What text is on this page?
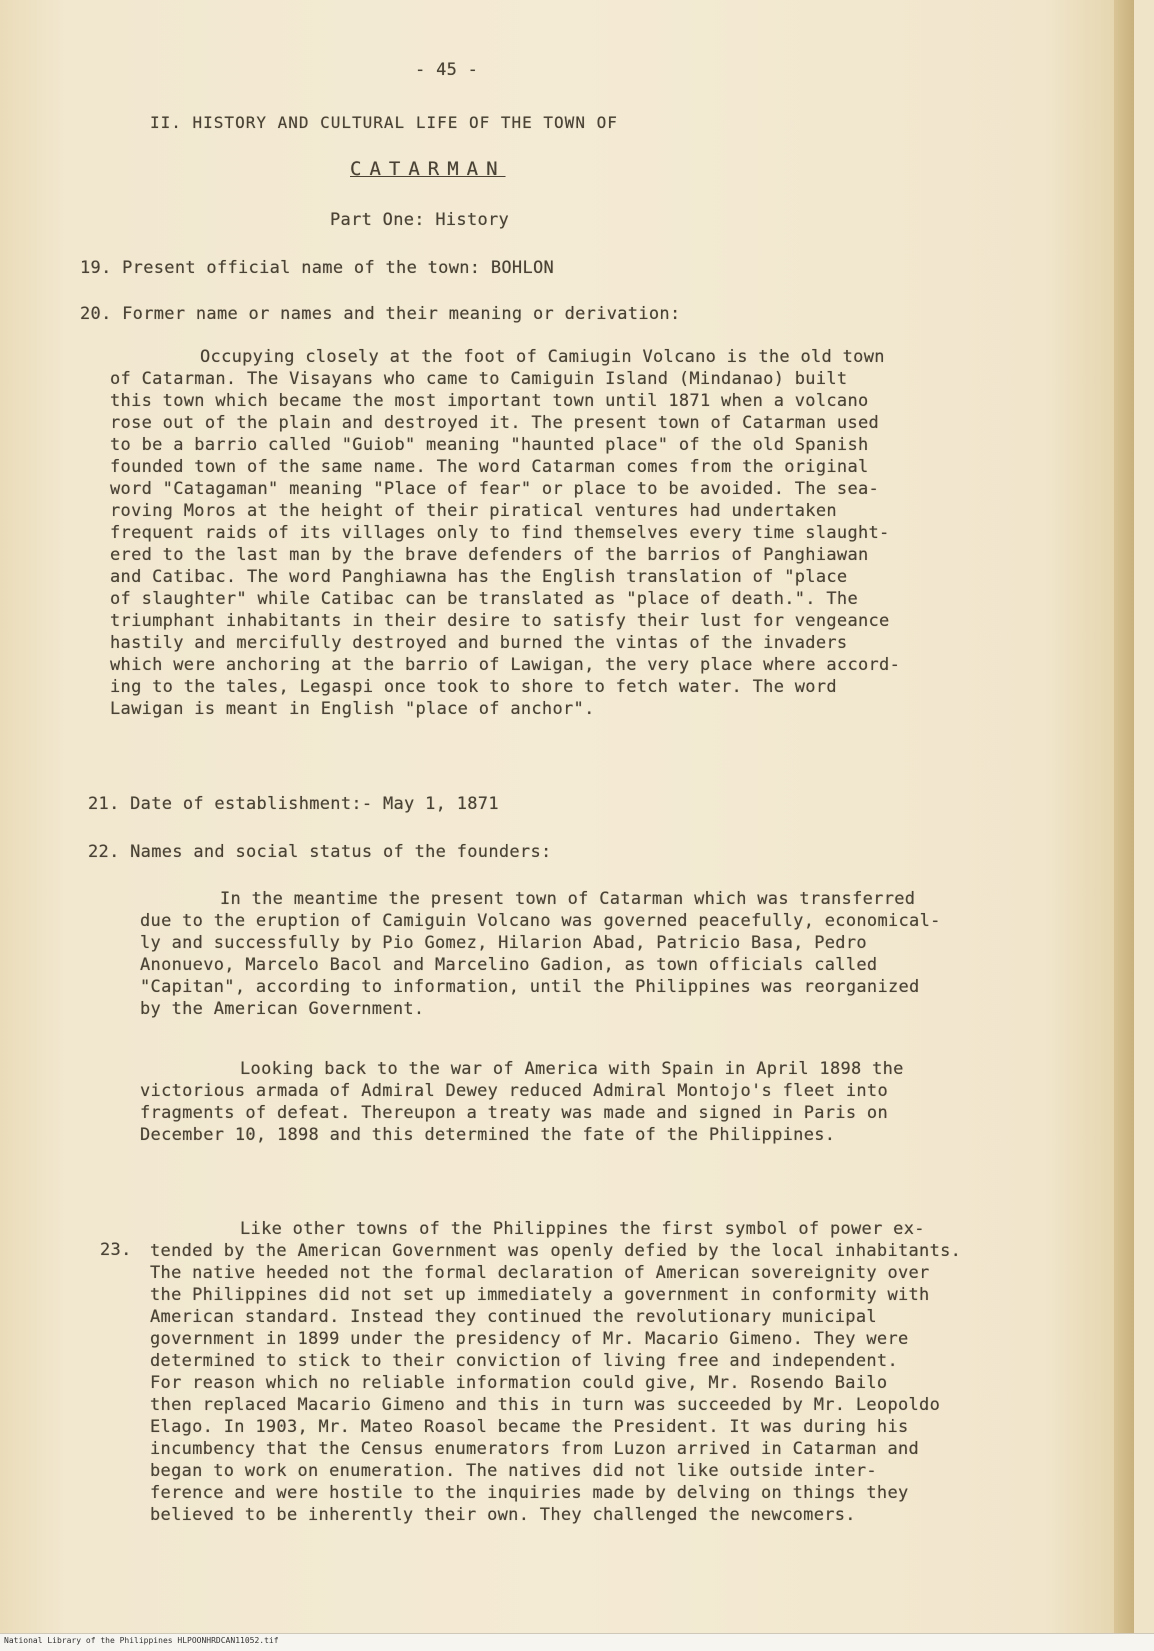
- 45 -
II. HISTORY AND CULTURAL LIFE OF THE TOWN OF
CATARMAN
Part One: History
19. Present official name of the town: BOHLON
20. Former name or names and their meaning or derivation:
Occupying closely at the foot of Camiugin Volcano is the old town
of Catarman. The Visayans who came to Camiguin Island (Mindanao) built
this town which became the most important town until 1871 when a volcano
rose out of the plain and destroyed it. The present town of Catarman used
to be a barrio called "Guiob" meaning "haunted place" of the old Spanish
founded town of the same name. The word Catarman comes from the original
word "Catagaman" meaning "Place of fear" or place to be avoided. The sea-
roving Moros at the height of their piratical ventures had undertaken
frequent raids of its villages only to find themselves every time slaught-
ered to the last man by the brave defenders of the barrios of Panghiawan
and Catibac. The word Panghiawna has the English translation of "place
of slaughter" while Catibac can be translated as "place of death.". The
triumphant inhabitants in their desire to satisfy their lust for vengeance
hastily and mercifully destroyed and burned the vintas of the invaders
which were anchoring at the barrio of Lawigan, the very place where accord-
ing to the tales, Legaspi once took to shore to fetch water. The word
Lawigan is meant in English "place of anchor".
21. Date of establishment:- May 1, 1871
22. Names and social status of the founders:
In the meantime the present town of Catarman which was transferred
due to the eruption of Camiguin Volcano was governed peacefully, economical-
ly and successfully by Pio Gomez, Hilarion Abad, Patricio Basa, Pedro
Anonuevo, Marcelo Bacol and Marcelino Gadion, as town officials called
"Capitan", according to information, until the Philippines was reorganized
by the American Government.
Looking back to the war of America with Spain in April 1898 the
victorious armada of Admiral Dewey reduced Admiral Montojo's fleet into
fragments of defeat. Thereupon a treaty was made and signed in Paris on
December 10, 1898 and this determined the fate of the Philippines.
23.
Like other towns of the Philippines the first symbol of power ex-
tended by the American Government was openly defied by the local inhabitants.
The native heeded not the formal declaration of American sovereignity over
the Philippines did not set up immediately a government in conformity with
American standard. Instead they continued the revolutionary municipal
government in 1899 under the presidency of Mr. Macario Gimeno. They were
determined to stick to their conviction of living free and independent.
For reason which no reliable information could give, Mr. Rosendo Bailo
then replaced Macario Gimeno and this in turn was succeeded by Mr. Leopoldo
Elago. In 1903, Mr. Mateo Roasol became the President. It was during his
incumbency that the Census enumerators from Luzon arrived in Catarman and
began to work on enumeration. The natives did not like outside inter-
ference and were hostile to the inquiries made by delving on things they
believed to be inherently their own. They challenged the newcomers.
National Library of the Philippines HLPOONHRDCAN11052.tif
